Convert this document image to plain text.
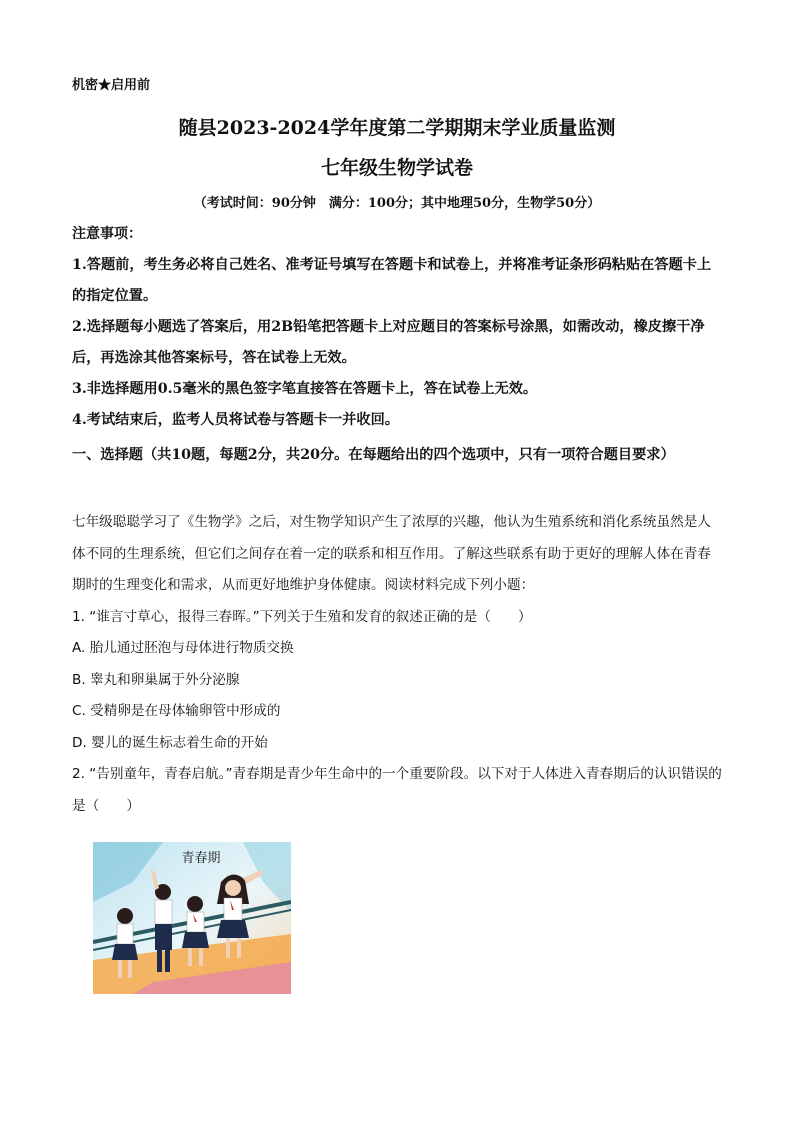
机密★启用前
随县2023-2024学年度第二学期期末学业质量监测
七年级生物学试卷
（考试时间：90分钟　满分：100分；其中地理50分，生物学50分）
注意事项：

1.答题前，考生务必将自己姓名、准考证号填写在答题卡和试卷上，并将准考证条形码粘贴在答题卡上的指定位置。

2.选择题每小题选了答案后，用2B铅笔把答题卡上对应题目的答案标号涂黑，如需改动，橡皮擦干净后，再选涂其他答案标号，答在试卷上无效。

3.非选择题用0.5毫米的黑色签字笔直接答在答题卡上，答在试卷上无效。

4.考试结束后，监考人员将试卷与答题卡一并收回。

一、选择题（共10题，每题2分，共20分。在每题给出的四个选项中，只有一项符合题目要求）

七年级聪聪学习了《生物学》之后，对生物学知识产生了浓厚的兴趣，他认为生殖系统和消化系统虽然是人体不同的生理系统，但它们之间存在着一定的联系和相互作用。了解这些联系有助于更好的理解人体在青春期时的生理变化和需求，从而更好地维护身体健康。阅读材料完成下列小题：

1. “谁言寸草心，报得三春晖。”下列关于生殖和发育的叙述正确的是（　　）

A. 胎儿通过胚泡与母体进行物质交换

B. 睾丸和卵巢属于外分泌腺

C. 受精卵是在母体输卵管中形成的

D. 婴儿的诞生标志着生命的开始

2. “告别童年，青春启航。”青春期是青少年生命中的一个重要阶段。以下对于人体进入青春期后的认识错误的是（　　）

青春期
